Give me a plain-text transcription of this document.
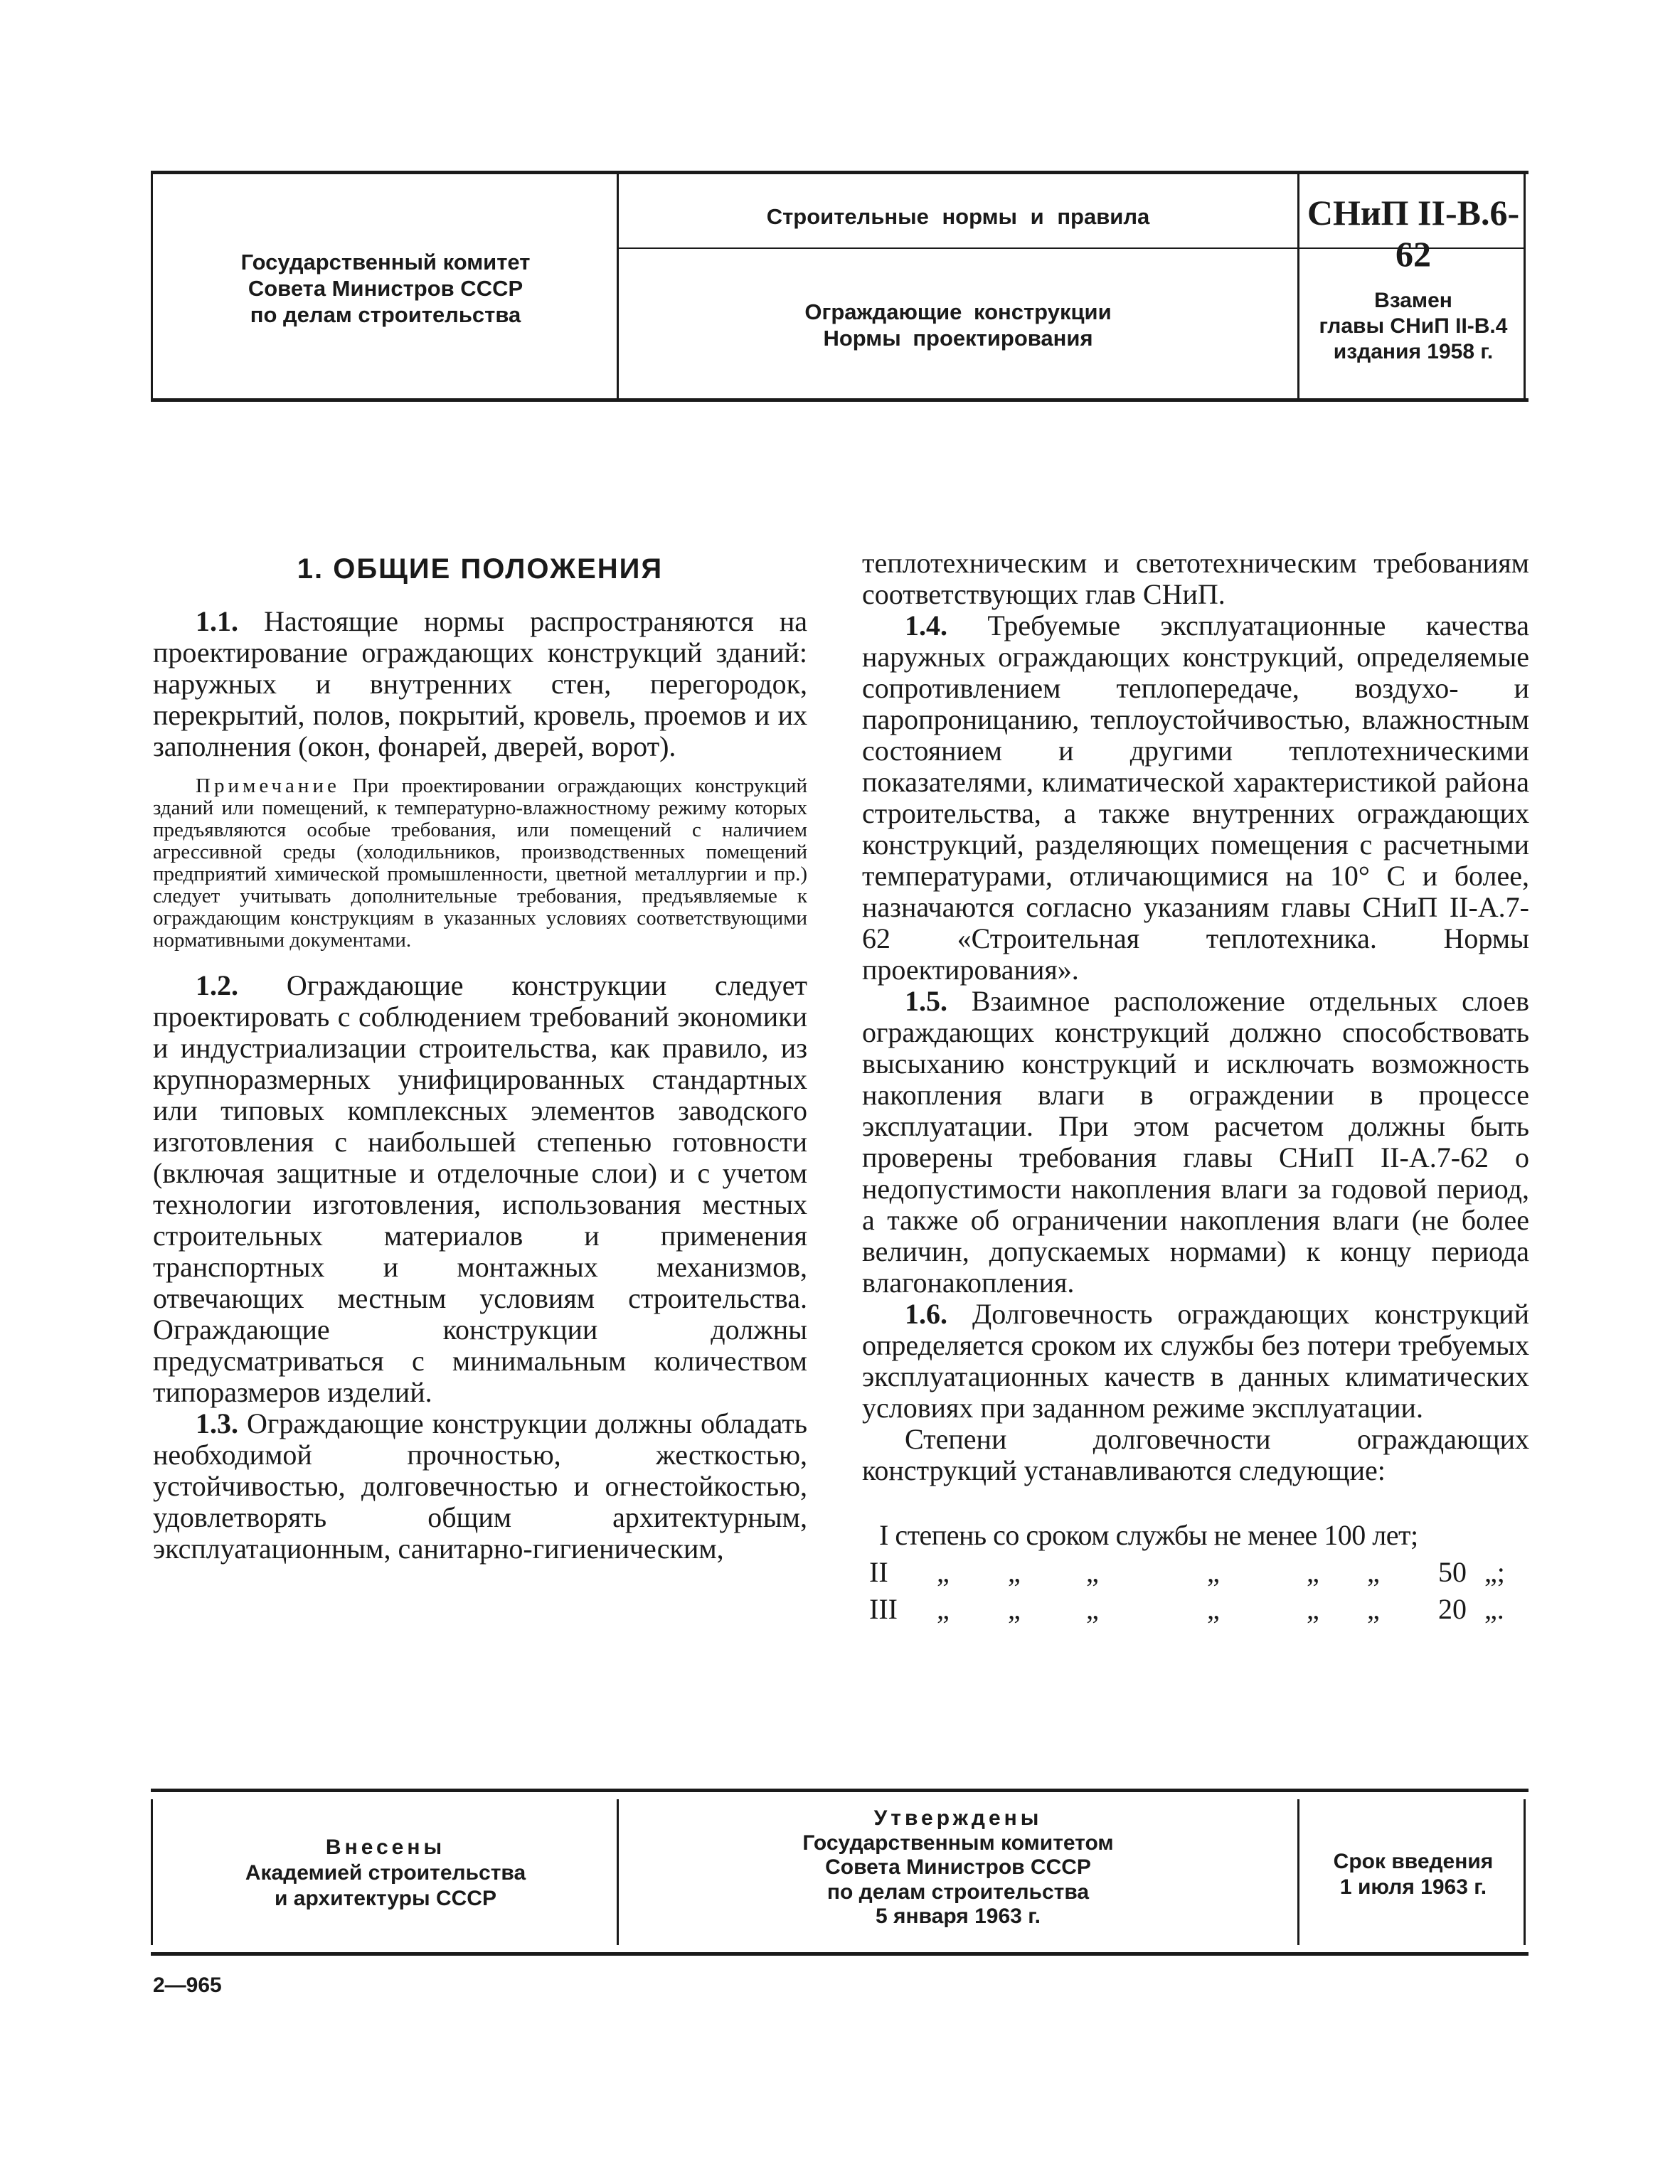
Государственный комитет
Совета Министров СССР
по делам строительства
Строительные нормы и правила
Ограждающие конструкции
Нормы проектирования
СНиП II-В.6-62
Взамен
главы СНиП II-В.4
издания 1958 г.
1. ОБЩИЕ ПОЛОЖЕНИЯ

1.1. Настоящие нормы распространяются на проектирование ограждающих конструкций зданий: наружных и внутренних стен, перегородок, перекрытий, полов, покрытий, кровель, проемов и их заполнения (окон, фонарей, дверей, ворот).

Примечание При проектировании ограждающих конструкций зданий или помещений, к температурно-влажностному режиму которых предъявляются особые требования, или помещений с наличием агрессивной среды (холодильников, производственных помещений предприятий химической промышленности, цветной металлургии и пр.) следует учитывать дополнительные требования, предъявляемые к ограждающим конструкциям в указанных условиях соответствующими нормативными документами.

1.2. Ограждающие конструкции следует проектировать с соблюдением требований экономики и индустриализации строительства, как правило, из крупноразмерных унифицированных стандартных или типовых комплексных элементов заводского изготовления с наибольшей степенью готовности (включая защитные и отделочные слои) и с учетом технологии изготовления, использования местных строительных материалов и применения транспортных и монтажных механизмов, отвечающих местным условиям строительства. Ограждающие конструкции должны предусматриваться с минимальным количеством типоразмеров изделий.

1.3. Ограждающие конструкции должны обладать необходимой прочностью, жесткостью, устойчивостью, долговечностью и огнестойкостью, удовлетворять общим архитектурным, эксплуатационным, санитарно-гигиеническим,

теплотехническим и светотехническим требованиям соответствующих глав СНиП.

1.4. Требуемые эксплуатационные качества наружных ограждающих конструкций, определяемые сопротивлением теплопередаче, воздухо- и паропроницанию, теплоустойчивостью, влажностным состоянием и другими теплотехническими показателями, климатической характеристикой района строительства, а также внутренних ограждающих конструкций, разделяющих помещения с расчетными температурами, отличающимися на 10° С и более, назначаются согласно указаниям главы СНиП II-А.7-62 «Строительная теплотехника. Нормы проектирования».

1.5. Взаимное расположение отдельных слоев ограждающих конструкций должно способствовать высыханию конструкций и исключать возможность накопления влаги в ограждении в процессе эксплуатации. При этом расчетом должны быть проверены требования главы СНиП II-А.7-62 о недопустимости накопления влаги за годовой период, а также об ограничении накопления влаги (не более величин, допускаемых нормами) к концу периода влагонакопления.

1.6. Долговечность ограждающих конструкций определяется сроком их службы без потери требуемых эксплуатационных качеств в данных климатических условиях при заданном режиме эксплуатации.

Степени долговечности ограждающих конструкций устанавливаются следующие:

I степень со сроком службы не менее 100 лет;
II „ „ „	„	„ „ 50 „;
III „ „ „	„	„ „ 20 „.
Внесены
Академией строительства
и архитектуры СССР
Утверждены
Государственным комитетом
Совета Министров СССР
по делам строительства
5 января 1963 г.
Срок введения
1 июля 1963 г.
2—965
